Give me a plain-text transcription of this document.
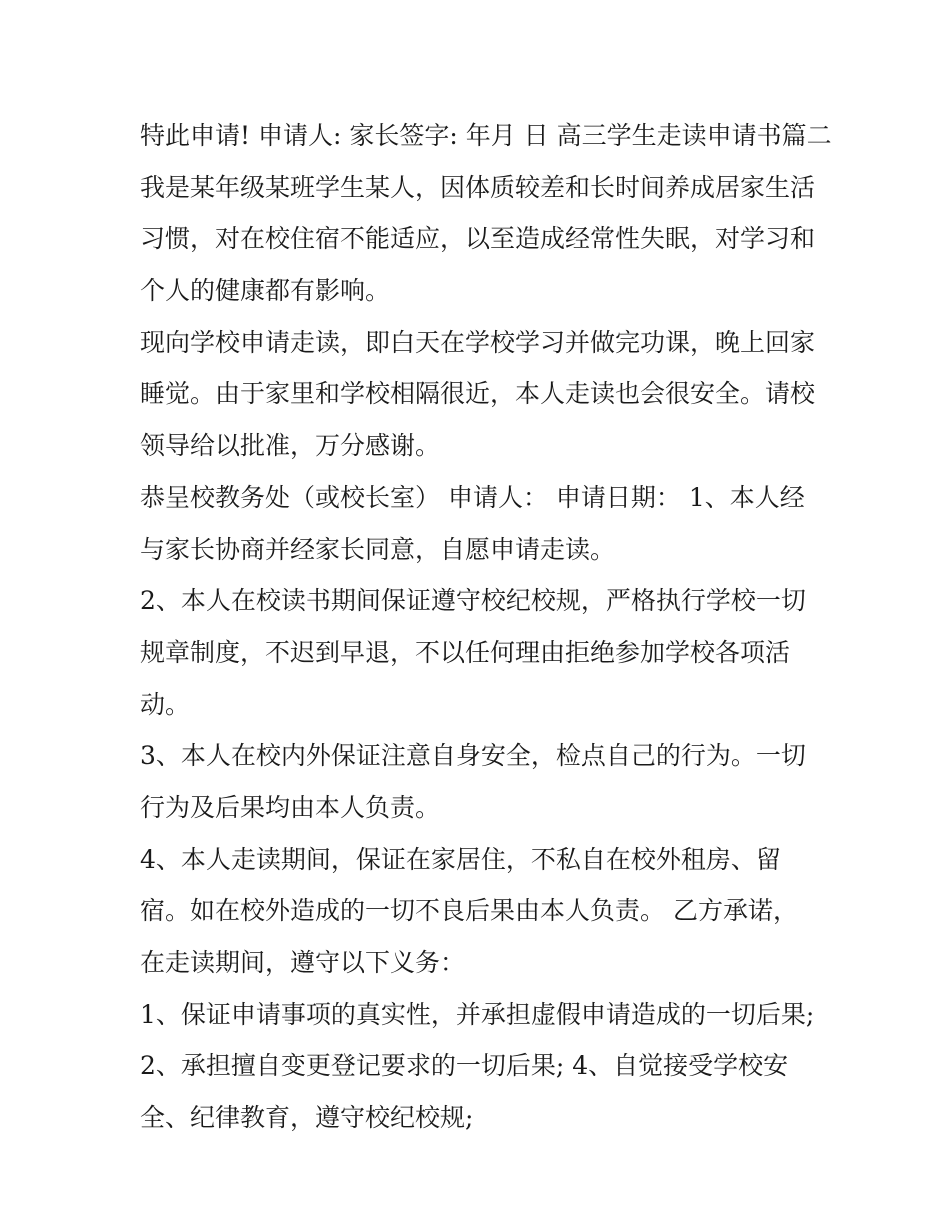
特此申请! 申请人: 家长签字: 年月 日 高三学生走读申请书篇二
我是某年级某班学生某人，因体质较差和长时间养成居家生活
习惯，对在校住宿不能适应，以至造成经常性失眠，对学习和
个人的健康都有影响。
现向学校申请走读，即白天在学校学习并做完功课，晚上回家
睡觉。由于家里和学校相隔很近，本人走读也会很安全。请校
领导给以批准，万分感谢。
恭呈校教务处（或校长室） 申请人： 申请日期： 1、本人经
与家长协商并经家长同意，自愿申请走读。
2、本人在校读书期间保证遵守校纪校规，严格执行学校一切
规章制度，不迟到早退，不以任何理由拒绝参加学校各项活
动。
3、本人在校内外保证注意自身安全，检点自己的行为。一切
行为及后果均由本人负责。
4、本人走读期间，保证在家居住，不私自在校外租房、留
宿。如在校外造成的一切不良后果由本人负责。 乙方承诺，
在走读期间，遵守以下义务：
1、保证申请事项的真实性，并承担虚假申请造成的一切后果;
2、承担擅自变更登记要求的一切后果; 4、自觉接受学校安
全、纪律教育，遵守校纪校规;
